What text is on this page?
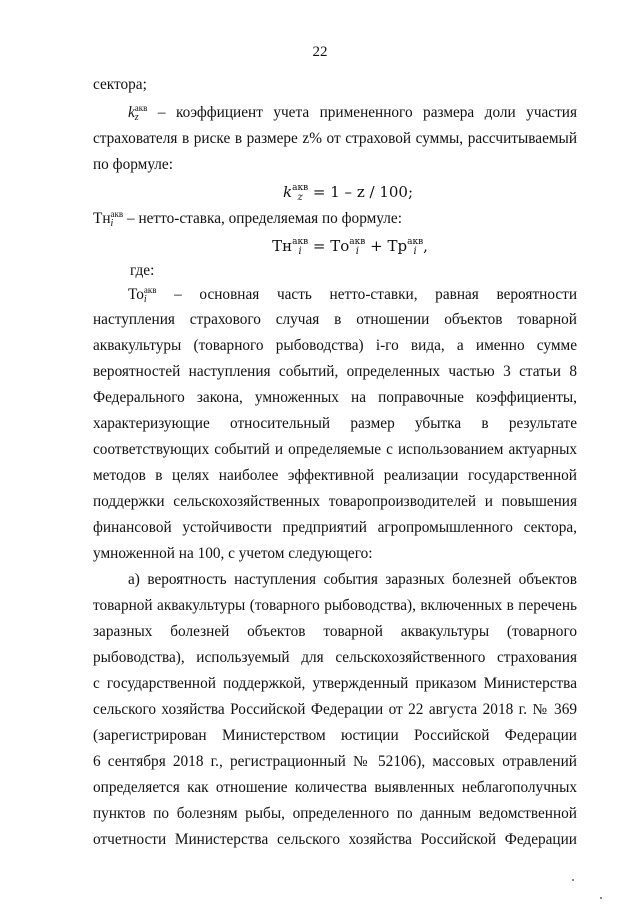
22
сектора;
k акв
z	– коэффициент учета примененного размера доли участия
страхователя в риске в размере z% от страховой суммы, рассчитываемый
по формуле:
k акв
z = 1 – z / 100;
Тн акв
i – нетто-ставка, определяемая по формуле:
Тн акв
i = То акв
i + Тр акв
i ,
где:
То акв
i	– основная часть нетто-ставки, равная вероятности
наступления страхового случая в отношении объектов товарной
аквакультуры (товарного рыбоводства) i-го вида, а именно сумме
вероятностей наступления событий, определенных частью 3 статьи 8
Федерального закона, умноженных на поправочные коэффициенты,
характеризующие относительный размер убытка в результате
соответствующих событий и определяемые с использованием актуарных
методов в целях наиболее эффективной реализации государственной
поддержки сельскохозяйственных товаропроизводителей и повышения
финансовой устойчивости предприятий агропромышленного сектора,
умноженной на 100, с учетом следующего:
а) вероятность наступления события заразных болезней объектов
товарной аквакультуры (товарного рыбоводства), включенных в перечень
заразных болезней объектов товарной аквакультуры (товарного
рыбоводства), используемый для сельскохозяйственного страхования
с государственной поддержкой, утвержденный приказом Министерства
сельского хозяйства Российской Федерации от 22 августа 2018 г. № 369
(зарегистрирован Министерством юстиции Российской Федерации
6 сентября 2018 г., регистрационный № 52106), массовых отравлений
определяется как отношение количества выявленных неблагополучных
пунктов по болезням рыбы, определенного по данным ведомственной
отчетности Министерства сельского хозяйства Российской Федерации
